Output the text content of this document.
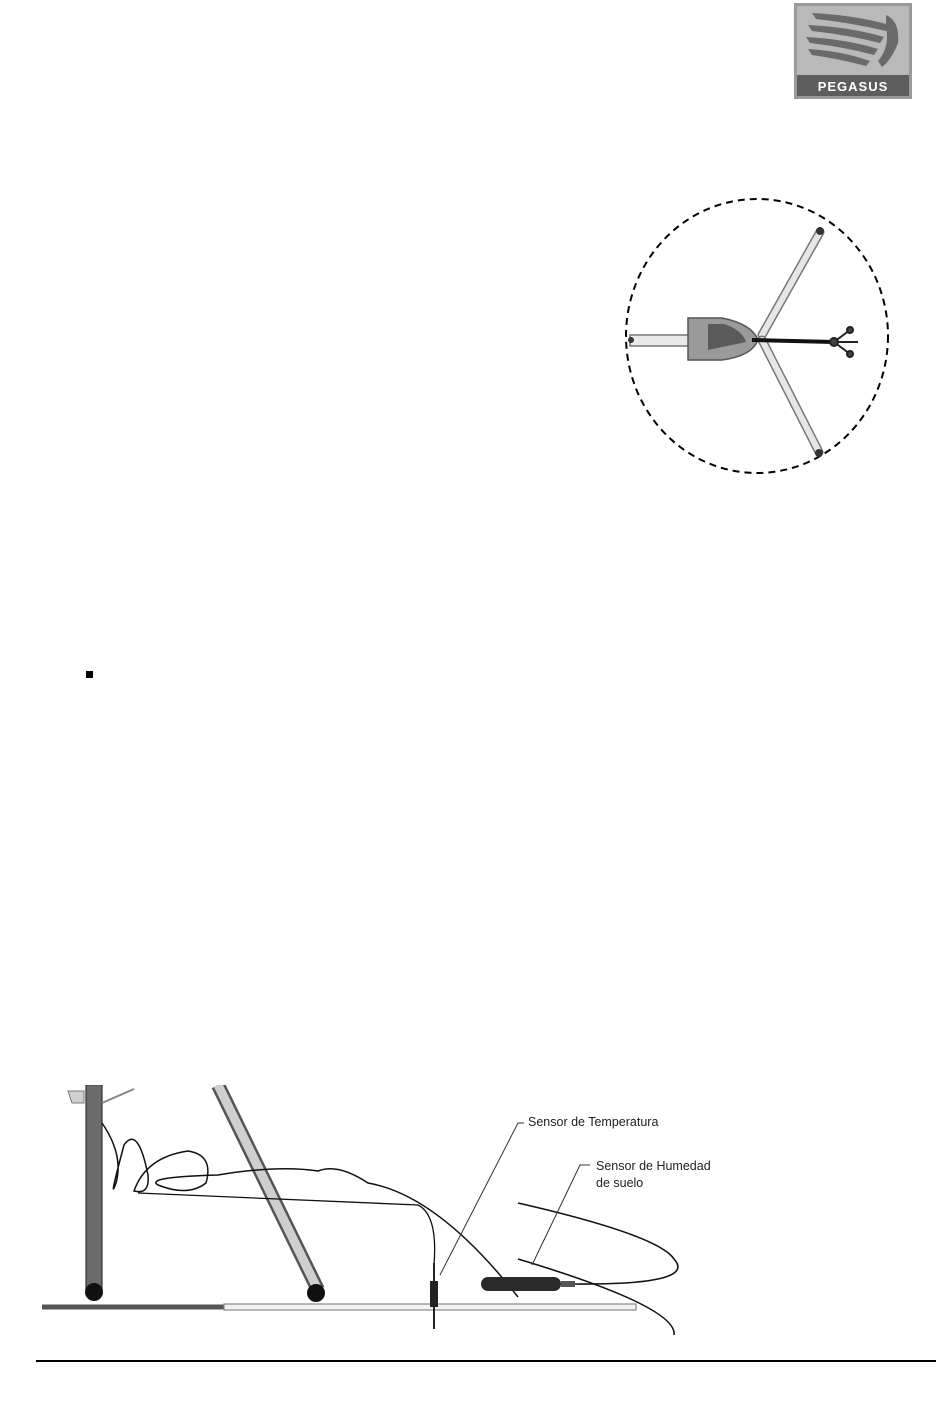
PEGASUS
Sensor de Temperatura
Sensor de Humedad
de suelo
